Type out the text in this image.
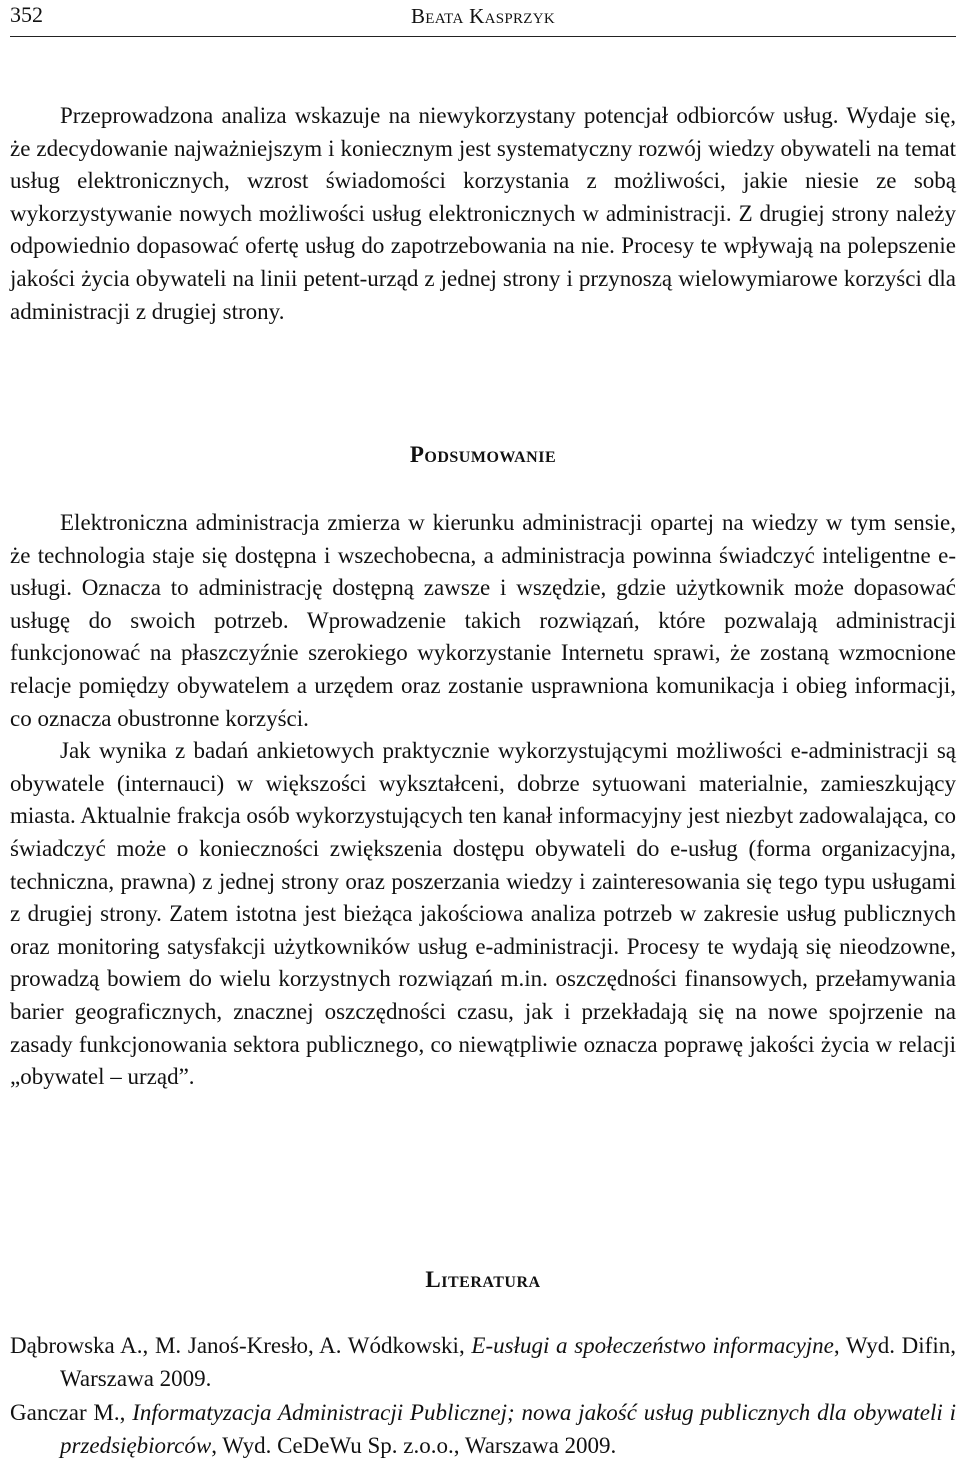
352	Beata Kasprzyk

Przeprowadzona analiza wskazuje na niewykorzystany potencjał odbiorców usług. Wydaje się, że zdecydowanie najważniejszym i koniecznym jest systematyczny rozwój wiedzy obywateli na temat usług elektronicznych, wzrost świadomości korzystania z możliwości, jakie niesie ze sobą wykorzystywanie nowych możliwości usług elektronicznych w administracji. Z drugiej strony należy odpowiednio dopasować ofertę usług do zapotrzebowania na nie. Procesy te wpływają na polepszenie jakości życia obywateli na linii petent-urząd z jednej strony i przynoszą wielowymiarowe korzyści dla administracji z drugiej strony.

Podsumowanie

Elektroniczna administracja zmierza w kierunku administracji opartej na wiedzy w tym sensie, że technologia staje się dostępna i wszechobecna, a administracja powinna świadczyć inteligentne e-usługi. Oznacza to administrację dostępną zawsze i wszędzie, gdzie użytkownik może dopasować usługę do swoich potrzeb. Wprowadzenie takich rozwiązań, które pozwalają administracji funkcjonować na płaszczyźnie szerokiego wykorzystanie Internetu sprawi, że zostaną wzmocnione relacje pomiędzy obywatelem a urzędem oraz zostanie usprawniona komunikacja i obieg informacji, co oznacza obustronne korzyści.

Jak wynika z badań ankietowych praktycznie wykorzystującymi możliwości e-administracji są obywatele (internauci) w większości wykształceni, dobrze sytuowani materialnie, zamieszkujący miasta. Aktualnie frakcja osób wykorzystujących ten kanał informacyjny jest niezbyt zadowalająca, co świadczyć może o konieczności zwiększenia dostępu obywateli do e-usług (forma organizacyjna, techniczna, prawna) z jednej strony oraz poszerzania wiedzy i zainteresowania się tego typu usługami z drugiej strony. Zatem istotna jest bieżąca jakościowa analiza potrzeb w zakresie usług publicznych oraz monitoring satysfakcji użytkowników usług e-administracji. Procesy te wydają się nieodzowne, prowadzą bowiem do wielu korzystnych rozwiązań m.in. oszczędności finansowych, przełamywania barier geograficznych, znacznej oszczędności czasu, jak i przekładają się na nowe spojrzenie na zasady funkcjonowania sektora publicznego, co niewątpliwie oznacza poprawę jakości życia w relacji „obywatel – urząd”.

Literatura

Dąbrowska A., M. Janoś-Kresło, A. Wódkowski, E-usługi a społeczeństwo informacyjne, Wyd. Difin, Warszawa 2009.

Ganczar M., Informatyzacja Administracji Publicznej; nowa jakość usług publicznych dla obywateli i przedsiębiorców, Wyd. CeDeWu Sp. z.o.o., Warszawa 2009.
